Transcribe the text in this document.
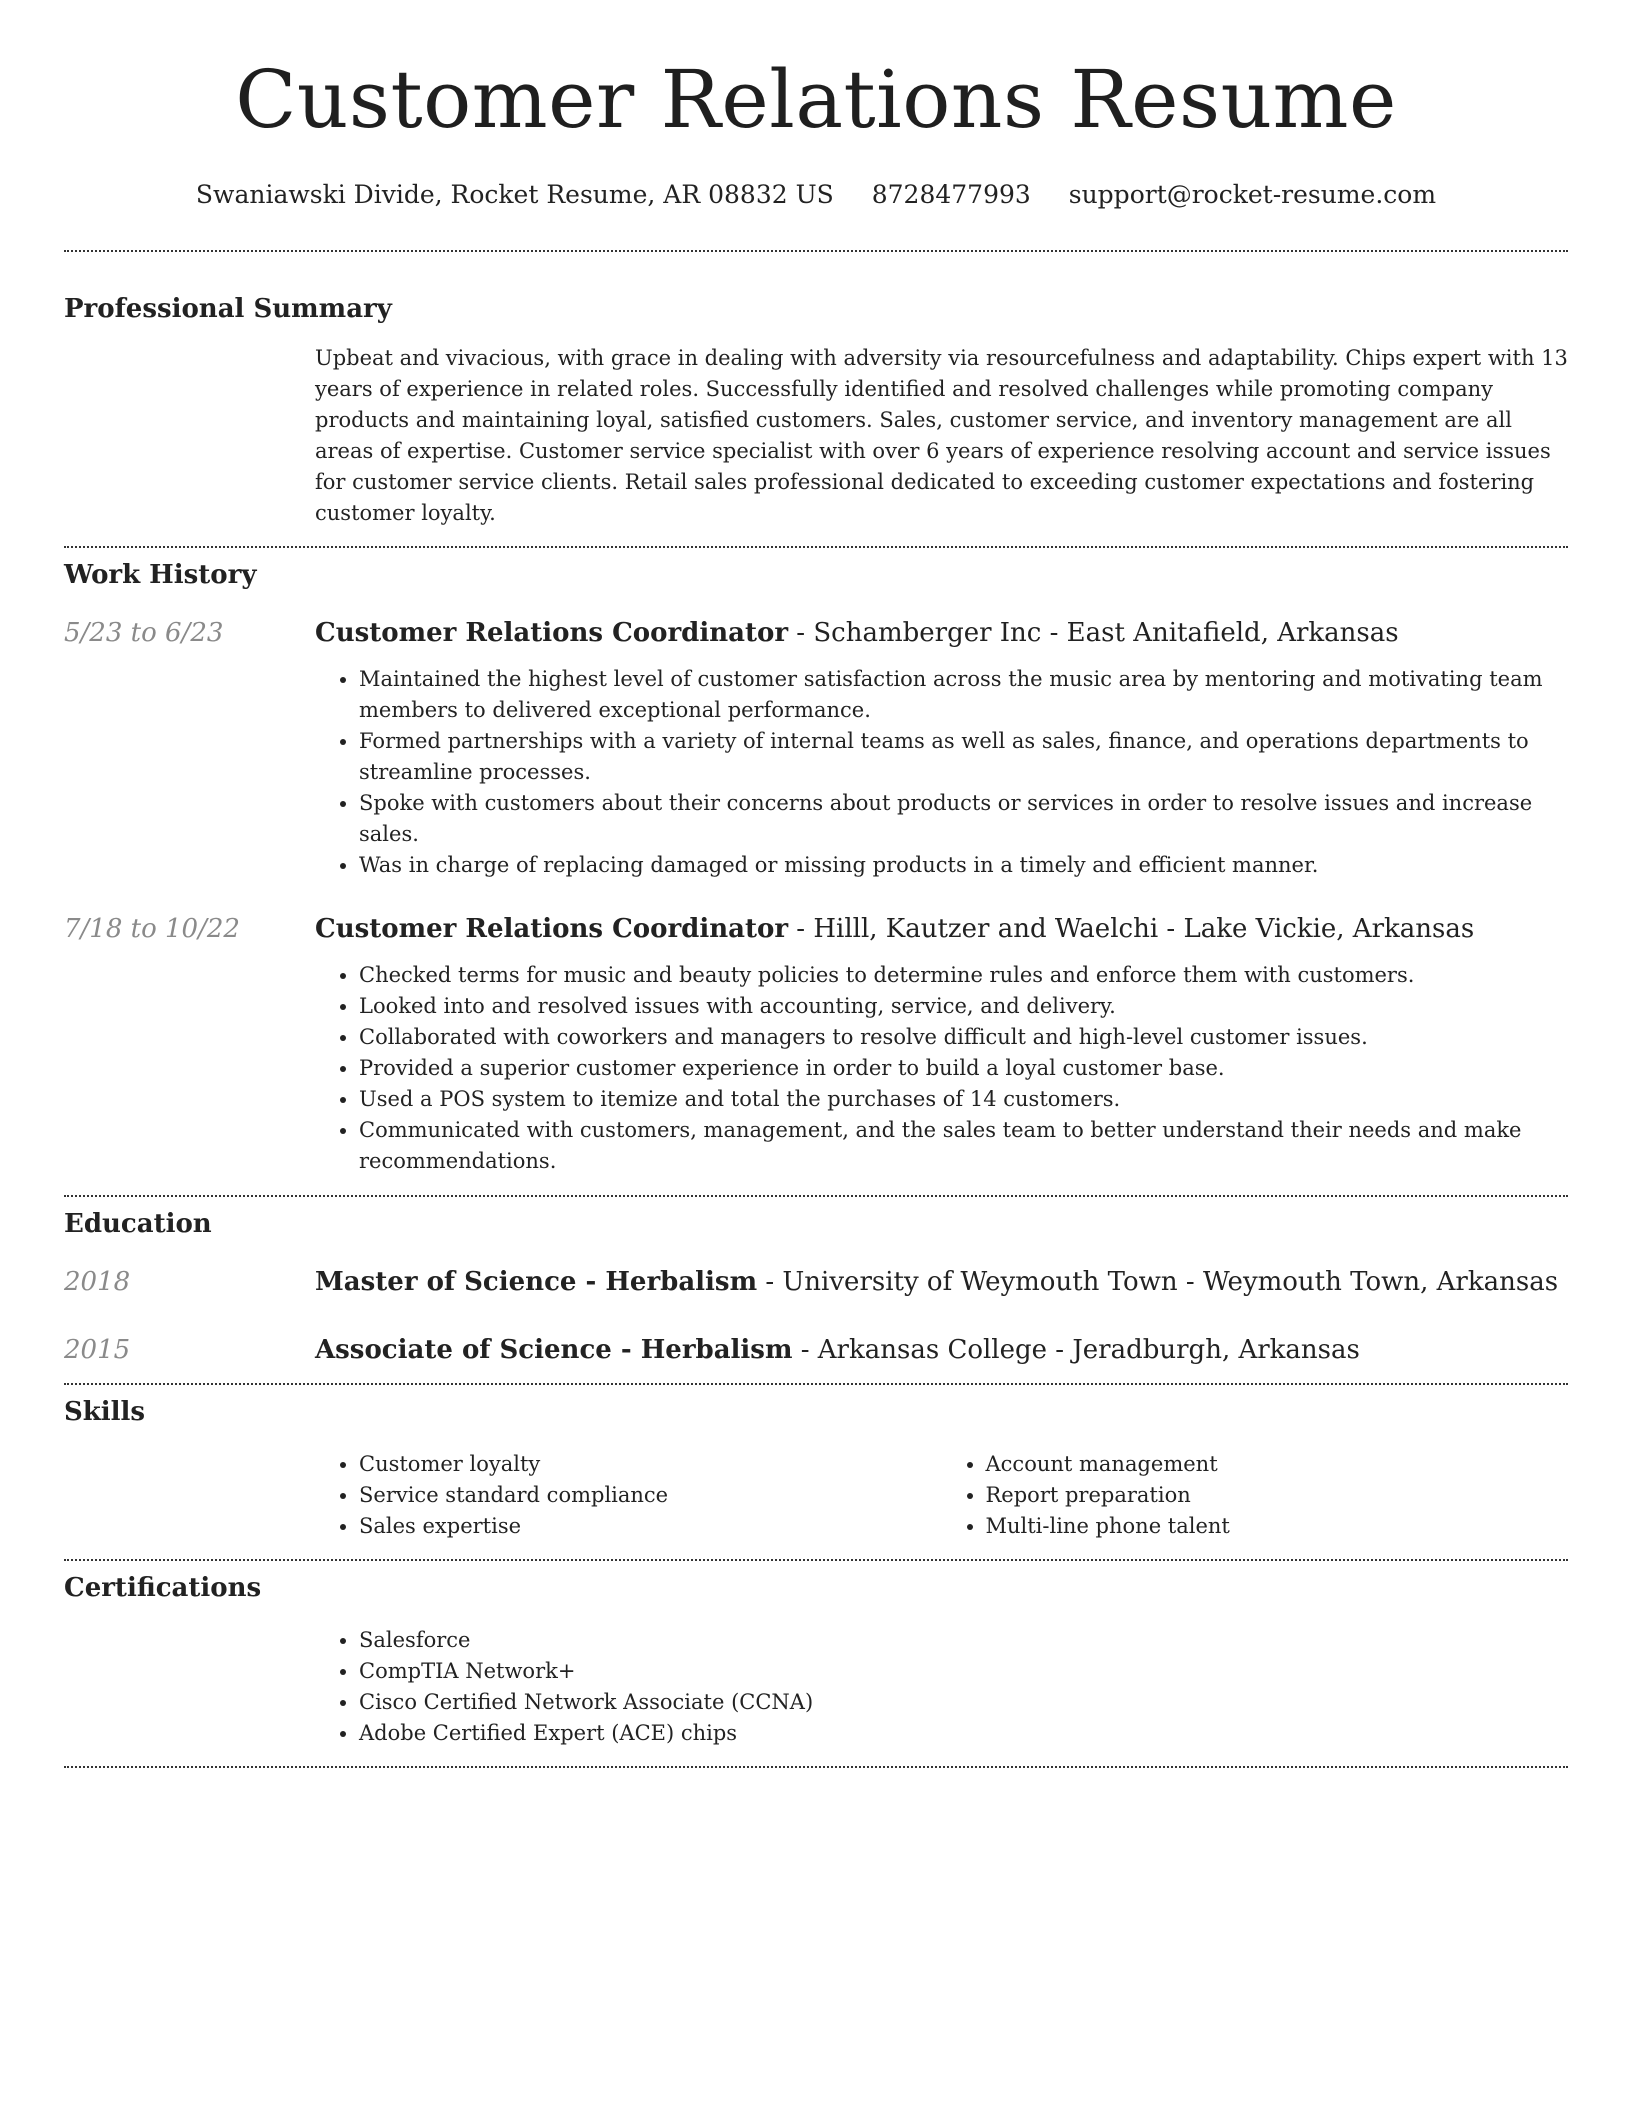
Customer Relations Resume
Swaniawski Divide, Rocket Resume, AR 08832 US 8728477993 support@rocket-resume.com
Professional Summary

Upbeat and vivacious, with grace in dealing with adversity via resourcefulness and adaptability. Chips expert with 13 years of experience in related roles. Successfully identified and resolved challenges while promoting company products and maintaining loyal, satisfied customers. Sales, customer service, and inventory management are all areas of expertise. Customer service specialist with over 6 years of experience resolving account and service issues for customer service clients. Retail sales professional dedicated to exceeding customer expectations and fostering customer loyalty.

Work History
5/23 to 6/23	Customer Relations Coordinator - Schamberger Inc - East Anitafield, Arkansas
• Maintained the highest level of customer satisfaction across the music area by mentoring and motivating team members to delivered exceptional performance.
• Formed partnerships with a variety of internal teams as well as sales, finance, and operations departments to streamline processes.
• Spoke with customers about their concerns about products or services in order to resolve issues and increase sales.
• Was in charge of replacing damaged or missing products in a timely and efficient manner.
7/18 to 10/22	Customer Relations Coordinator - Hilll, Kautzer and Waelchi - Lake Vickie, Arkansas
• Checked terms for music and beauty policies to determine rules and enforce them with customers.
• Looked into and resolved issues with accounting, service, and delivery.
• Collaborated with coworkers and managers to resolve difficult and high-level customer issues.
• Provided a superior customer experience in order to build a loyal customer base.
• Used a POS system to itemize and total the purchases of 14 customers.
• Communicated with customers, management, and the sales team to better understand their needs and make recommendations.
Education
2018	Master of Science - Herbalism - University of Weymouth Town - Weymouth Town, Arkansas
2015	Associate of Science - Herbalism - Arkansas College - Jeradburgh, Arkansas
Skills
• Customer loyalty
• Service standard compliance
• Sales expertise
• Account management
• Report preparation
• Multi-line phone talent
Certifications
• Salesforce
• CompTIA Network+
• Cisco Certified Network Associate (CCNA)
• Adobe Certified Expert (ACE) chips
